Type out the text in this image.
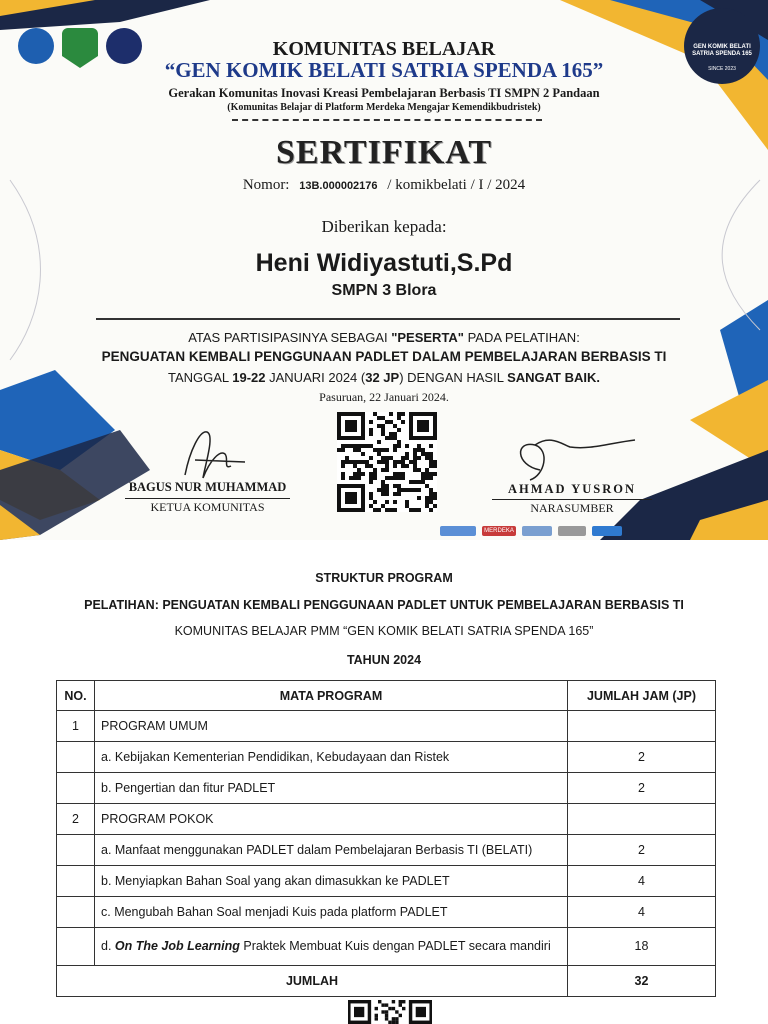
GEN KOMIK BELATI
SATRIA SPENDA 165
SINCE 2023
KOMUNITAS BELAJAR
“GEN KOMIK BELATI SATRIA SPENDA 165”
Gerakan Komunitas Inovasi Kreasi Pembelajaran Berbasis TI SMPN 2 Pandaan
(Komunitas Belajar di Platform Merdeka Mengajar Kemendikbudristek)
SERTIFIKAT
Nomor: 13B.000002176 / komikbelati / I / 2024
Diberikan kepada:
Heni Widiyastuti,S.Pd
SMPN 3 Blora
ATAS PARTISIPASINYA SEBAGAI "PESERTA" PADA PELATIHAN:
PENGUATAN KEMBALI PENGGUNAAN PADLET DALAM PEMBELAJARAN BERBASIS TI
TANGGAL 19-22 JANUARI 2024 (32 JP) DENGAN HASIL SANGAT BAIK.
Pasuruan, 22 Januari 2024.
BAGUS NUR MUHAMMAD
KETUA KOMUNITAS
AHMAD YUSRON
NARASUMBER
MERDEKA
STRUKTUR PROGRAM
PELATIHAN: PENGUATAN KEMBALI PENGGUNAAN PADLET UNTUK PEMBELAJARAN BERBASIS TI
KOMUNITAS BELAJAR PMM “GEN KOMIK BELATI SATRIA SPENDA 165”
TAHUN 2024
NO.	MATA PROGRAM	JUMLAH JAM (JP)
1	PROGRAM UMUM	
	a. Kebijakan Kementerian Pendidikan, Kebudayaan dan Ristek	2
	b. Pengertian dan fitur PADLET	2
2	PROGRAM POKOK	
	a. Manfaat menggunakan PADLET dalam Pembelajaran Berbasis TI (BELATI)	2
	b. Menyiapkan Bahan Soal yang akan dimasukkan ke PADLET	4
	c. Mengubah Bahan Soal menjadi Kuis pada platform PADLET	4
	d. On The Job Learning Praktek Membuat Kuis dengan PADLET secara mandiri	18
JUMLAH		32
